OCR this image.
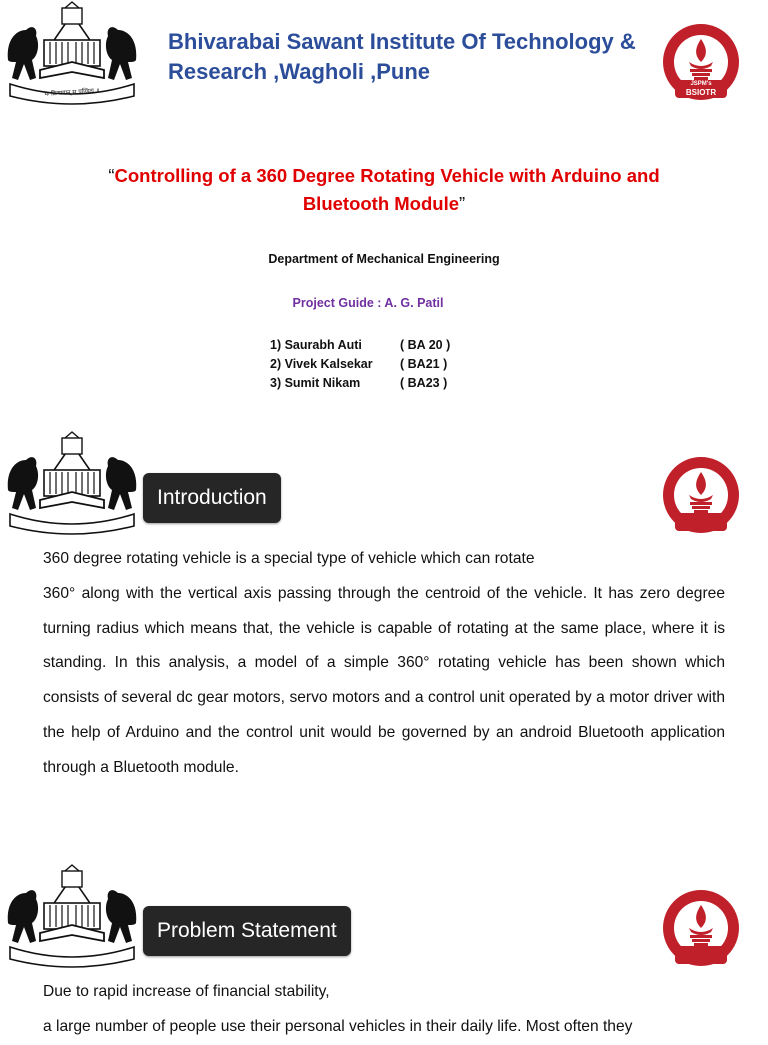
यः क्रियावान् स पण्डितः ॥
Bhivarabai Sawant Institute Of Technology &
Research ,Wagholi ,Pune	JSPM's
BSIOTR
“Controlling of a 360 Degree Rotating Vehicle with Arduino and
Bluetooth Module”
Department of Mechanical Engineering
Project Guide : A. G. Patil
1) Saurabh Auti	( BA 20 )
2) Vivek Kalsekar	( BA21 )
3) Sumit Nikam	( BA23 )
Introduction

360 degree rotating vehicle is a special type of vehicle which can rotate

360° along with the vertical axis passing through the centroid of the vehicle. It has zero degree turning radius which means that, the vehicle is capable of rotating at the same place, where it is standing. In this analysis, a model of a simple 360° rotating vehicle has been shown which consists of several dc gear motors, servo motors and a control unit operated by a motor driver with the help of Arduino and the control unit would be governed by an android Bluetooth application through a Bluetooth module.

Problem Statement

Due to rapid increase of financial stability,

a large number of people use their personal vehicles in their daily life. Most often they
